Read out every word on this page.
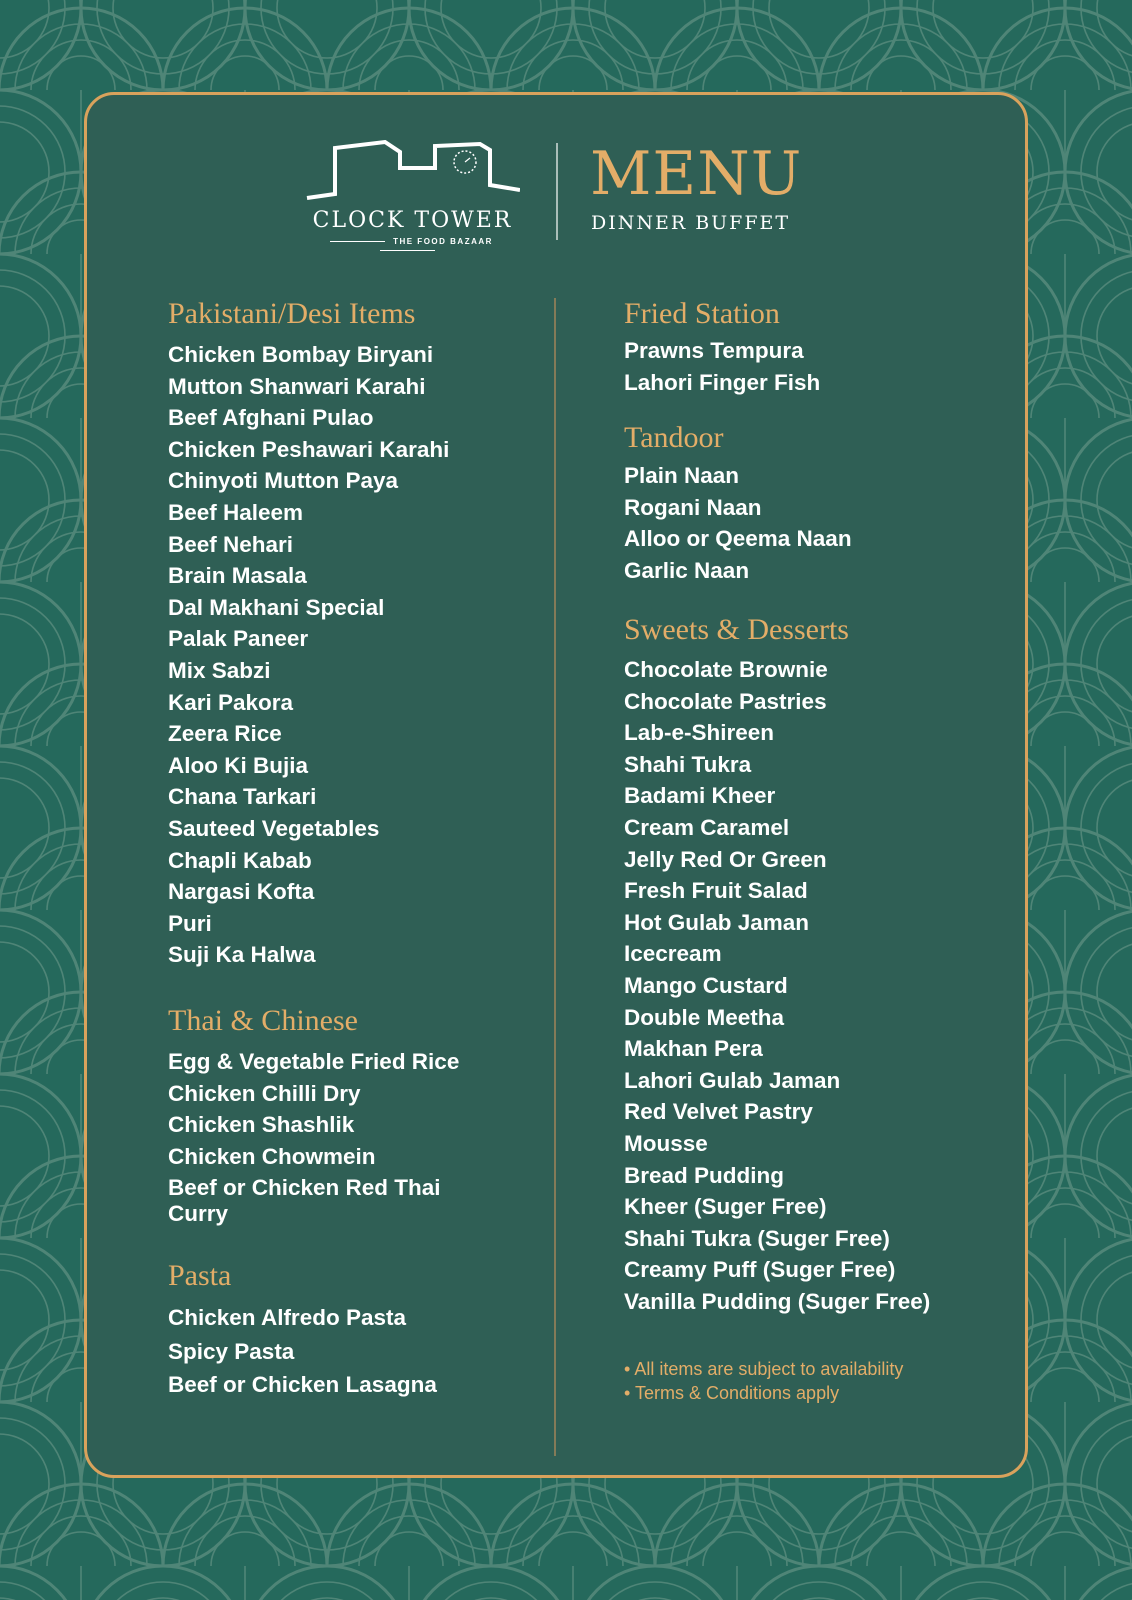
CLOCK TOWER
THE FOOD BAZAAR
MENU
DINNER BUFFET
Pakistani/Desi Items
Chicken Bombay Biryani
Mutton Shanwari Karahi
Beef Afghani Pulao
Chicken Peshawari Karahi
Chinyoti Mutton Paya
Beef Haleem
Beef Nehari
Brain Masala
Dal Makhani Special
Palak Paneer
Mix Sabzi
Kari Pakora
Zeera Rice
Aloo Ki Bujia
Chana Tarkari
Sauteed Vegetables
Chapli Kabab
Nargasi Kofta
Puri
Suji Ka Halwa
Thai & Chinese
Egg & Vegetable Fried Rice
Chicken Chilli Dry
Chicken Shashlik
Chicken Chowmein
Beef or Chicken Red Thai Curry
Pasta
Chicken Alfredo Pasta
Spicy Pasta
Beef or Chicken Lasagna
Fried Station
Prawns Tempura
Lahori Finger Fish
Tandoor
Plain Naan
Rogani Naan
Alloo or Qeema Naan
Garlic Naan
Sweets & Desserts
Chocolate Brownie
Chocolate Pastries
Lab-e-Shireen
Shahi Tukra
Badami Kheer
Cream Caramel
Jelly Red Or Green
Fresh Fruit Salad
Hot Gulab Jaman
Icecream
Mango Custard
Double Meetha
Makhan Pera
Lahori Gulab Jaman
Red Velvet Pastry
Mousse
Bread Pudding
Kheer (Suger Free)
Shahi Tukra (Suger Free)
Creamy Puff (Suger Free)
Vanilla Pudding (Suger Free)
• All items are subject to availability
• Terms & Conditions apply
